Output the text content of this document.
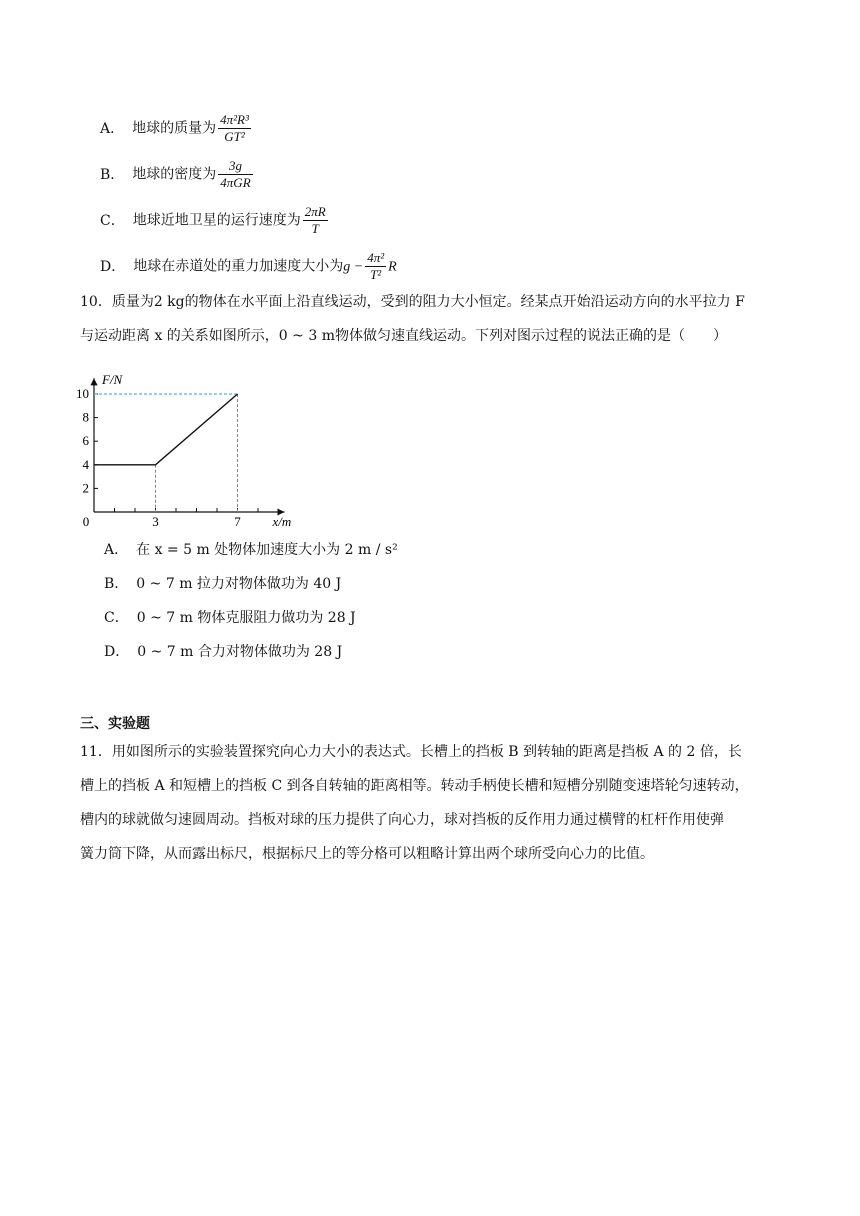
A． 地球的质量为 $\frac{\text{4π²R³}}{\text{GT²}}$
B． 地球的密度为 $\frac{3g}{\text{4πGR}}$
C． 地球近地卫星的运行速度为 $\frac{2\pi R}{T}$
D． 地球在赤道处的重力加速度大小为$g - \frac{\text{4π²}}{\text{T²}}$ R
10．质量为2 kg的物体在水平面上沿直线运动，受到的阻力大小恒定。经某点开始沿运动方向的水平拉力 F
与运动距离 x 的关系如图所示，0 ~ 3 m物体做匀速直线运动。下列对图示过程的说法正确的是（　　）
F/N
x/m
2
4
6
8
10
0	3	7
A． 在 x = 5 m 处物体加速度大小为 2 m / s²
B． 0 ~ 7 m 拉力对物体做功为 40 J
C． 0 ~ 7 m 物体克服阻力做功为 28 J
D． 0 ~ 7 m 合力对物体做功为 28 J
三、实验题
11．用如图所示的实验装置探究向心力大小的表达式。长槽上的挡板 B 到转轴的距离是挡板 A 的 2 倍，长
槽上的挡板 A 和短槽上的挡板 C 到各自转轴的距离相等。转动手柄使长槽和短槽分别随变速塔轮匀速转动，
槽内的球就做匀速圆周动。挡板对球的压力提供了向心力，球对挡板的反作用力通过横臂的杠杆作用使弹
簧力筒下降，从而露出标尺，根据标尺上的等分格可以粗略计算出两个球所受向心力的比值。
